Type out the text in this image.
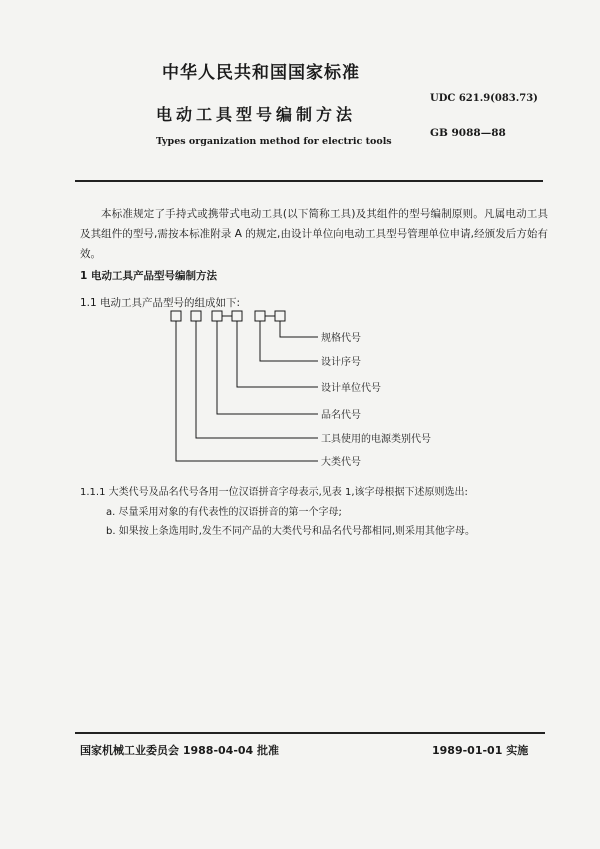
中华人民共和国国家标准
电动工具型号编制方法
Types organization method for electric tools
UDC 621.9(083.73)
GB 9088—88
本标准规定了手持式或携带式电动工具(以下简称工具)及其组件的型号编制原则。凡属电动工具及其组件的型号,需按本标准附录 A 的规定,由设计单位向电动工具型号管理单位申请,经颁发后方始有效。
1 电动工具产品型号编制方法
1.1 电动工具产品型号的组成如下:
规格代号
设计序号
设计单位代号
品名代号
工具使用的电源类别代号
大类代号
1.1.1 大类代号及品名代号各用一位汉语拼音字母表示,见表 1,该字母根据下述原则选出:
a. 尽量采用对象的有代表性的汉语拼音的第一个字母;
b. 如果按上条选用时,发生不同产品的大类代号和品名代号都相同,则采用其他字母。
国家机械工业委员会 1988-04-04 批准	1989-01-01 实施
